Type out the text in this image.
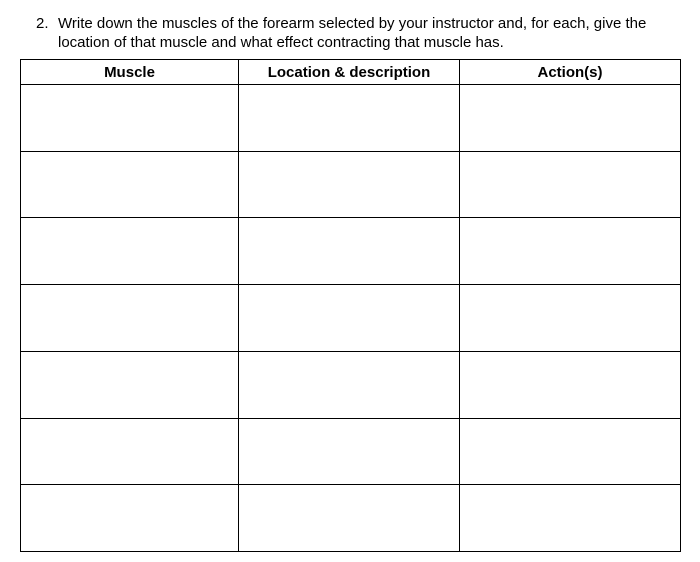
2. Write down the muscles of the forearm selected by your instructor and, for each, give the location of that muscle and what effect contracting that muscle has.
Muscle	Location & description	Action(s)
